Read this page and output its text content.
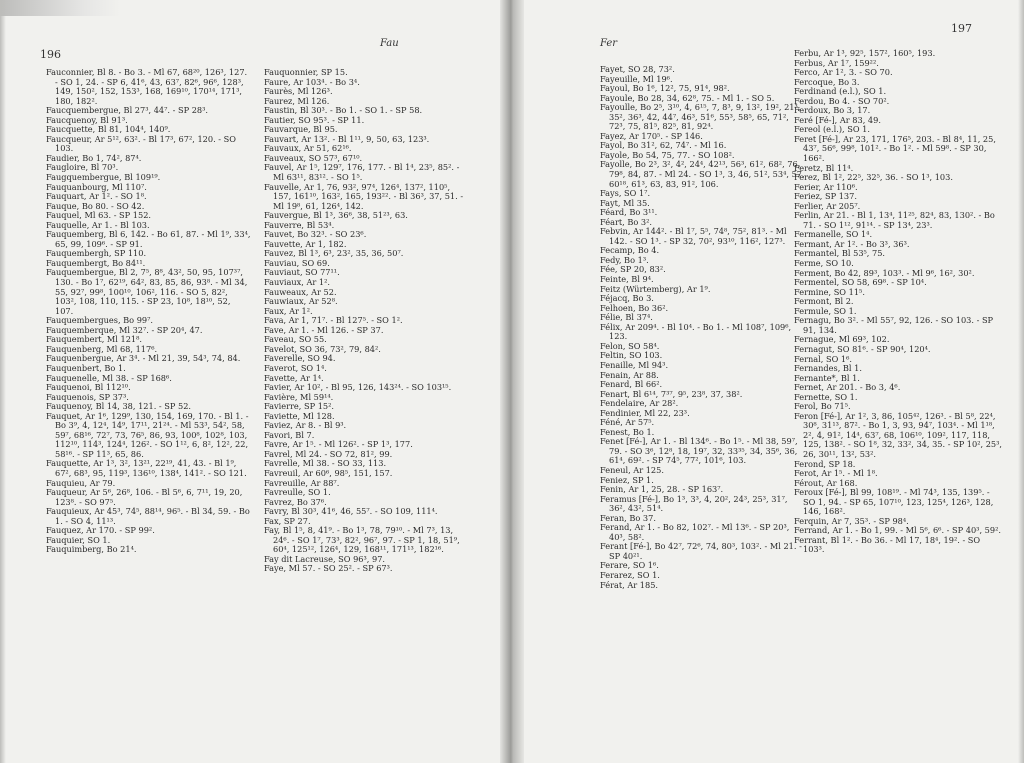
196
Fau

Fauconnier, Bl 8. - Bo 3. - Ml 67, 68²⁰, 126³, 127. - SO 1, 24. - SP 6, 41⁶, 43, 63⁷, 82⁶, 96⁶, 128³, 149, 150², 152, 153³, 168, 169¹⁰, 170¹⁴, 171³, 180, 182².

Faucquembergue, Bl 27³, 44⁷. - SP 28³.

Faucquenoy, Bl 91³.

Faucquette, Bl 81, 104⁴, 140⁹.

Faucqueur, Ar 5¹², 63². - Bl 17³, 67², 120. - SO 103.

Faudier, Bo 1, 74², 87⁴.

Faugloire, Bl 70³.

Faugquembergue, Bl 109¹⁹.

Fauquanbourg, Ml 110⁷.

Fauquart, Ar 1². - SO 1⁸.

Fauque, Bo 80. - SO 42.

Fauquel, Ml 63. - SP 152.

Fauquelle, Ar 1. - Bl 103.

Fauquemberg, Bl 6, 142. - Bo 61, 87. - Ml 1⁹, 33⁴, 65, 99, 109⁶. - SP 91.

Fauquembergh, SP 110.

Fauquembergt, Bo 84¹¹.

Fauquembergue, Bl 2, 7⁵, 8⁸, 43², 50, 95, 107³⁷, 130. - Bo 1⁷, 62¹⁹, 64², 83, 85, 86, 93⁸. - Ml 34, 55, 92⁷, 99⁸, 100¹⁰, 106², 116. - SO 5, 82², 103², 108, 110, 115. - SP 23, 10⁸, 18¹⁰, 52, 107.

Fauquembergues, Bo 99⁷.

Fauquemberque, Ml 32⁷. - SP 20⁴, 47.

Fauquembert, Ml 121⁸.

Fauquenberg, Ml 68, 117⁶.

Fauquenbergue, Ar 3⁴. - Ml 21, 39, 54³, 74, 84.

Fauquenbert, Bo 1.

Fauquenelle, Ml 38. - SP 168⁶.

Fauquenoi, Bl 112¹⁰.

Fauquenois, SP 37³.

Fauquenoy, Bl 14, 38, 121. - SP 52.

Fauquet, Ar 1⁶, 129⁹, 130, 154, 169, 170. - Bl 1. - Bo 3⁹, 4, 12⁴, 14⁹, 17¹¹, 21²⁴. - Ml 53³, 54², 58, 59⁷, 68¹⁶, 72⁷, 73, 76⁵, 86, 93, 100⁸, 102⁸, 103, 112¹⁰, 114³, 124⁴, 126². - SO 1¹², 6, 8², 12², 22, 58¹⁶. - SP 11³, 65, 86.

Fauquette, Ar 1³, 3², 13²¹, 22¹⁹, 41, 43. - Bl 1⁹, 67², 68³, 95, 119³, 136¹⁰, 138⁴, 141². - SO 121.

Fauquieu, Ar 79.

Fauqueur, Ar 5⁶, 26⁸, 106. - Bl 5⁶, 6, 7¹¹, 19, 20, 123⁸. - SO 97⁵.

Fauquieux, Ar 45³, 74⁵, 88¹⁴, 96⁵. - Bl 34, 59. - Bo 1. - SO 4, 11¹³.

Fauquez, Ar 170. - SP 99².

Fauquier, SO 1.

Fauquimberg, Bo 21⁴.

Fauquonnier, SP 15.

Faure, Ar 103⁴. - Bo 3⁴.

Faurès, Ml 126³.

Faurez, Ml 126.

Faustin, Bl 30³. - Bo 1. - SO 1. - SP 58.

Fautier, SO 95³. - SP 11.

Fauvarque, Bl 95.

Fauvart, Ar 13². - Bl 1¹¹, 9, 50, 63, 123³.

Fauvaux, Ar 51, 62¹⁶.

Fauveaux, SO 57³, 67¹⁰.

Fauvel, Ar 1⁵, 129⁷, 176, 177. - Bl 1⁴, 23⁵, 85². - Ml 63¹¹, 83¹². - SO 1⁵.

Fauvelle, Ar 1, 76, 93², 97⁴, 126⁴, 137², 110⁵, 157, 161¹⁰, 163², 165, 193²². - Bl 36³, 37, 51. - Ml 19⁸, 61, 126⁴, 142.

Fauvergue, Bl 1³, 36⁶, 38, 51²³, 63.

Fauverre, Bl 53⁴.

Fauvet, Bo 32³. - SO 23⁶.

Fauvette, Ar 1, 182.

Fauvez, Bl 1³, 6³, 23², 35, 36, 50⁷.

Fauviau, SO 69.

Fauviaut, SO 77¹¹.

Fauviaux, Ar 1².

Fauweaux, Ar 52.

Fauwiaux, Ar 52⁸.

Faux, Ar 1².

Fava, Ar 1, 71⁷. - Bl 127⁵. - SO 1².

Fave, Ar 1. - Ml 126. - SP 37.

Faveau, SO 55.

Favelot, SO 36, 73², 79, 84².

Faverelle, SO 94.

Faverot, SO 1⁴.

Favette, Ar 1⁴.

Favier, Ar 10², - Bl 95, 126, 143²⁴. - SO 103¹⁵.

Favière, Ml 59¹⁴.

Favierre, SP 15².

Faviette, Ml 128.

Faviez, Ar 8. - Bl 9³.

Favori, Bl 7.

Favre, Ar 1⁵. - Ml 126². - SP 1³, 177.

Favrel, Ml 24. - SO 72, 81², 99.

Favrelle, Ml 38. - SO 33, 113.

Favreuil, Ar 60⁶, 98⁵, 151, 157.

Favreuille, Ar 88⁷.

Favreulle, SO 1.

Favrez, Bo 37⁶.

Favry, Bl 30³, 41⁶, 46, 55⁷. - SO 109, 111⁴.

Fax, SP 27.

Fay, Bl 1⁵, 8, 41⁹. - Bo 1³, 78, 79¹⁰. - Ml 7³, 13, 24⁶. - SO 1⁷, 73³, 82², 96⁷, 97. - SP 1, 18, 51⁹, 60⁴, 125¹², 126⁴, 129, 168¹¹, 171¹³, 182¹⁶.

Fay dit Lacreuse, SO 96³, 97.

Faye, Ml 57. - SO 25². - SP 67³.

197
Fer

Fayet, SO 28, 73².

Fayeuille, Ml 19⁶.

Fayoul, Bo 1⁶, 12², 75, 91⁴, 98².

Fayoule, Bo 28, 34, 62⁸, 75. - Ml 1. - SO 5.

Fayoulle, Bo 2⁵, 3¹⁰, 4, 6¹⁵, 7, 8³, 9, 13², 19², 21³, 35², 36³, 42, 44⁷, 46³, 51⁶, 55³, 58⁵, 65, 71², 72³, 75, 81⁵, 82⁵, 81, 92⁴.

Fayez, Ar 170⁵. - SP 146.

Fayol, Bo 31², 62, 74⁷. - Ml 16.

Fayole, Bo 54, 75, 77. - SO 108².

Fayolle, Bo 2³, 3², 4², 24⁴, 42¹³, 56³, 61², 68², 76, 79⁸, 84, 87. - Ml 24. - SO 1³, 3, 46, 51², 53⁴, 57, 60¹⁸, 61³, 63, 83, 91², 106.

Fays, SO 1⁷.

Fayt, Ml 35.

Féard, Bo 3¹¹.

Féart, Bo 3².

Febvin, Ar 144². - Bl 1⁷, 5⁵, 74⁸, 75², 81³. - Ml 142. - SO 1³. - SP 32, 70², 93¹⁰, 116², 127³.

Fecamp, Bo 4.

Fedy, Bo 1³.

Fée, SP 20, 83².

Feinte, Bl 9⁴.

Feitz (Würtemberg), Ar 1⁹.

Féjacq, Bo 3.

Felhoen, Bo 36².

Félie, Bl 37⁴.

Félix, Ar 209⁴. - Bl 10⁴. - Bo 1. - Ml 108⁷, 109⁶, 123.

Felon, SO 58⁴.

Feltin, SO 103.

Fenaille, Ml 94³.

Fenain, Ar 88.

Fenard, Bl 66².

Fenart, Bl 6¹⁴, 7³⁷, 9⁵, 23⁸, 37, 38².

Fendelaire, Ar 28².

Fendinier, Ml 22, 23³.

Féné, Ar 57⁵.

Fenest, Bo 1.

Fenet [Fé-], Ar 1. - Bl 134⁶. - Bo 1⁵. - Ml 38, 59⁷, 79. - SO 3⁶, 12⁸, 18, 19⁷, 32, 33³⁵, 34, 35⁶, 36, 61⁴, 69². - SP 74⁵, 77², 101⁶, 103.

Feneul, Ar 125.

Feniez, SP 1.

Fenin, Ar 1, 25, 28. - SP 163⁷.

Feramus [Fé-], Bo 1³, 3³, 4, 20², 24³, 25³, 31⁷, 36², 43², 51⁴.

Feran, Bo 37.

Ferand, Ar 1. - Bo 82, 102⁷. - Ml 13⁶. - SP 20³, 40³, 58².

Ferant [Fé-], Bo 42⁷, 72⁶, 74, 80³, 103². - Ml 21. - SP 40²¹.

Ferare, SO 1⁶.

Ferarez, SO 1.

Férat, Ar 185.

Ferbu, Ar 1³, 92⁵, 157², 160⁵, 193.

Ferbus, Ar 1⁷, 159²².

Ferco, Ar 1², 3. - SO 70.

Fercoque, Bo 3.

Ferdinand (e.l.), SO 1.

Ferdou, Bo 4. - SO 70².

Ferdoux, Bo 3, 17.

Feré [Fé-], Ar 83, 49.

Fereol (e.l.), SO 1.

Feret [Fé-], Ar 23, 171, 176⁵, 203. - Bl 8⁴, 11, 25, 43⁷, 56⁶, 99⁸, 101². - Bo 1². - Ml 59⁸. - SP 30, 166².

Feretz, Bl 11⁴.

Ferez, Bl 1², 22⁵, 32⁵, 36. - SO 1³, 103.

Ferier, Ar 110⁶.

Feriez, SP 137.

Ferlier, Ar 205⁷.

Ferlin, Ar 21. - Bl 1, 13⁴, 11²⁵, 82⁴, 83, 130². - Bo 71. - SO 1¹², 91¹⁴. - SP 13⁴, 23³.

Fermanelle, SO 1⁴.

Fermant, Ar 1². - Bo 3³, 36³.

Fermantel, Bl 53⁵, 75.

Ferme, SO 10.

Ferment, Bo 42, 89³, 103³. - Ml 9⁶, 16², 30².

Fermentel, SO 58, 69⁸. - SP 10⁴.

Fermine, SO 11⁵.

Fermont, Bl 2.

Fermule, SO 1.

Fernagu, Bo 3². - Ml 55⁷, 92, 126. - SO 103. - SP 91, 134.

Fernague, Ml 69³, 102.

Fernagut, SO 81⁶. - SP 90⁴, 120⁴.

Fernal, SO 1⁶.

Fernandes, Bl 1.

Fernante*, Bl 1.

Fernet, Ar 201. - Bo 3, 4⁶.

Fernette, SO 1.

Ferol, Bo 71⁵.

Feron [Fé-], Ar 1², 3, 86, 105⁴², 126³. - Bl 5⁸, 22⁴, 30⁸, 31¹³, 87². - Bo 1, 3, 93, 94⁷, 103⁴. - Ml 1¹⁸, 2², 4, 91², 14⁴, 63⁷, 68, 106¹⁰, 109², 117, 118, 125, 138². - SO 1⁸, 32, 33², 34, 35. - SP 10², 25³, 26, 30¹¹, 13², 53².

Ferond, SP 18.

Ferot, Ar 1⁵. - Ml 1⁸.

Férout, Ar 168.

Feroux [Fé-], Bl 99, 108¹⁹. - Ml 74³, 135, 139⁵. - SO 1, 94. - SP 65, 107¹⁰, 123, 125⁴, 126³, 128, 146, 168².

Ferquin, Ar 7, 35³. - SP 98⁴.

Ferrand, Ar 1. - Bo 1, 99. - Ml 5⁶, 6⁶. - SP 40³, 59².

Ferrant, Bl 1². - Bo 36. - Ml 17, 18⁴, 19². - SO 103³.
